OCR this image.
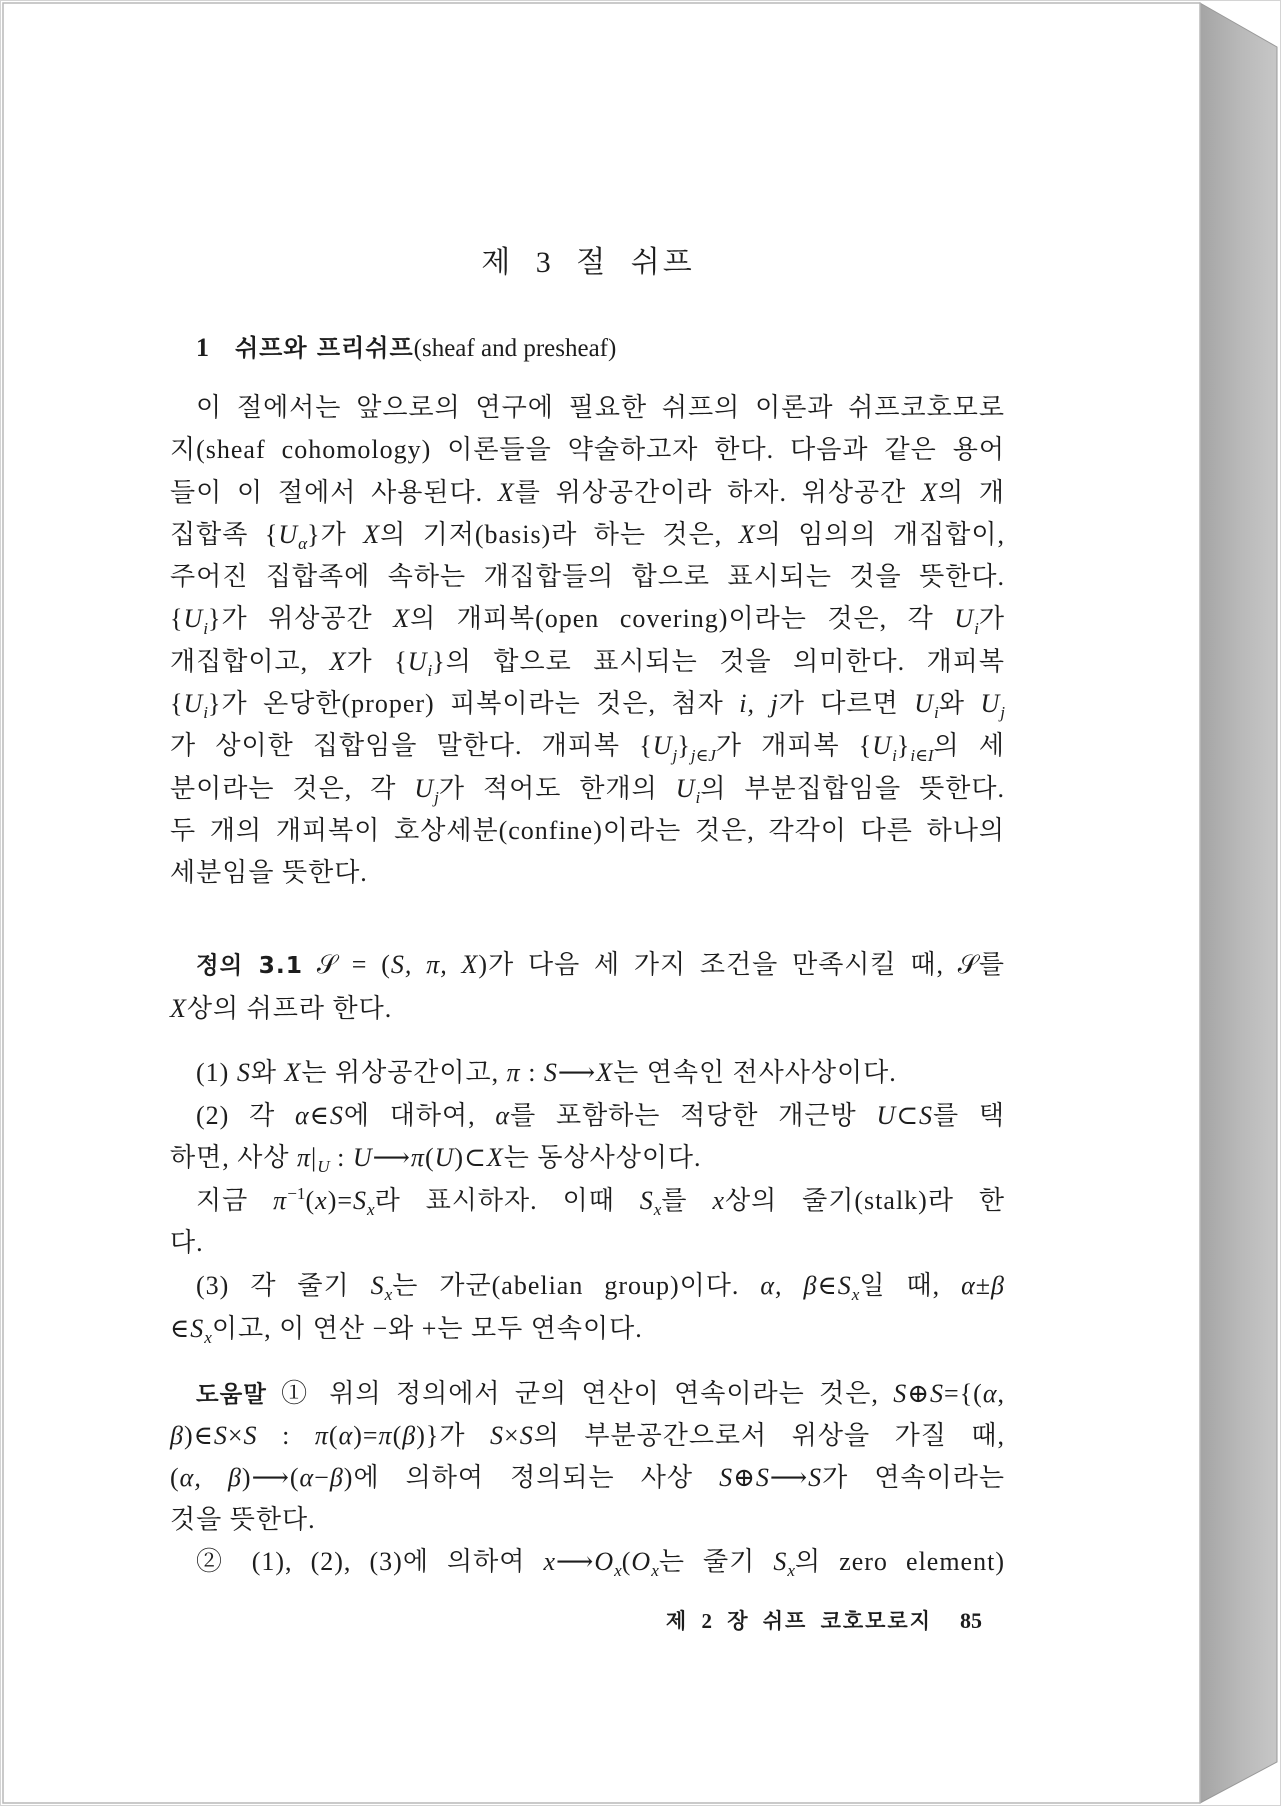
제 3 절 쉬프
1 쉬프와 프리쉬프(sheaf and presheaf)
이 절에서는 앞으로의 연구에 필요한 쉬프의 이론과 쉬프코호모로
지(sheaf cohomology) 이론들을 약술하고자 한다. 다음과 같은 용어
들이 이 절에서 사용된다. X를 위상공간이라 하자. 위상공간 X의 개
집합족 $\{U_\alpha\}$가 X의 기저(basis)라 하는 것은, X의 임의의 개집합이,
주어진 집합족에 속하는 개집합들의 합으로 표시되는 것을 뜻한다.
$\{U_i\}$가 위상공간 X의 개피복(open covering)이라는 것은, 각 $U_i$가
개집합이고, X가 $\{U_i\}$의 합으로 표시되는 것을 의미한다. 개피복
$\{U_i\}$가 온당한(proper) 피복이라는 것은, 첨자 i, j가 다르면 $U_i$와 $U_j$
가 상이한 집합임을 말한다. 개피복 $\{U_j\}_{j\in J}$가 개피복 $\{U_i\}_{i\in I}$의 세
분이라는 것은, 각 $U_j$가 적어도 한개의 $U_i$의 부분집합임을 뜻한다.
두 개의 개피복이 호상세분(confine)이라는 것은, 각각이 다른 하나의
세분임을 뜻한다.
정의 3.1 𝒮 = (S, π, X)가 다음 세 가지 조건을 만족시킬 때, 𝒮를
X상의 쉬프라 한다.
(1) S와 X는 위상공간이고, π : S⟶X는 연속인 전사사상이다.
(2) 각 α∈S에 대하여, α를 포함하는 적당한 개근방 U⊂S를 택
하면, 사상 $\pi|_U$ : U⟶π(U)⊂X는 동상사상이다.
지금 $\pi^{-1}(x)=S_x$라 표시하자. 이때 $S_x$를 x상의 줄기(stalk)라 한
다.
(3) 각 줄기 $S_x$는 가군(abelian group)이다. α, $\beta\in S_x$일 때, α±β
$\in S_x$이고, 이 연산 −와 +는 모두 연속이다.
도움말 ① 위의 정의에서 군의 연산이 연속이라는 것은, S⊕S={(α,
β)∈S×S : π(α)=π(β)}가 S×S의 부분공간으로서 위상을 가질 때,
(α, β)⟶(α−β)에 의하여 정의되는 사상 S⊕S⟶S가 연속이라는
것을 뜻한다.
② (1), (2), (3)에 의하여 $x⟶O_x(O_x$는 줄기 $S_x$의 zero element)
제 2 장 쉬프 코호모로지 85
